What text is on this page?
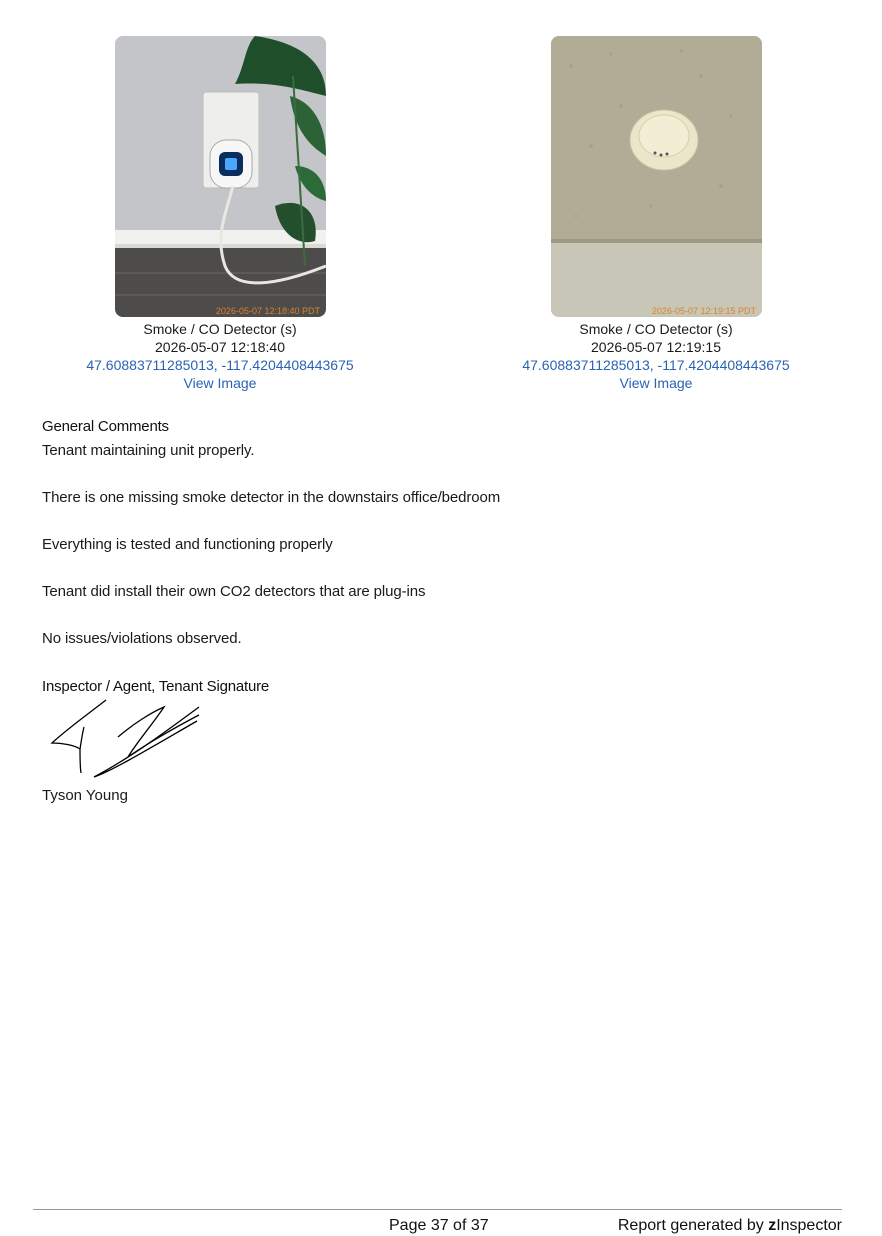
2026-05-07 12:18:40 PDT
Smoke / CO Detector (s)
2026-05-07 12:18:40
47.60883711285013, -117.4204408443675
View Image
2026-05-07 12:19:15 PDT
Smoke / CO Detector (s)
2026-05-07 12:19:15
47.60883711285013, -117.4204408443675
View Image
General Comments

Tenant maintaining unit properly.

There is one missing smoke detector in the downstairs office/bedroom

Everything is tested and functioning properly

Tenant did install their own CO2 detectors that are plug-ins

No issues/violations observed.

Inspector / Agent, Tenant Signature
Tyson Young
Page 37 of 37	Report generated by zInspector
